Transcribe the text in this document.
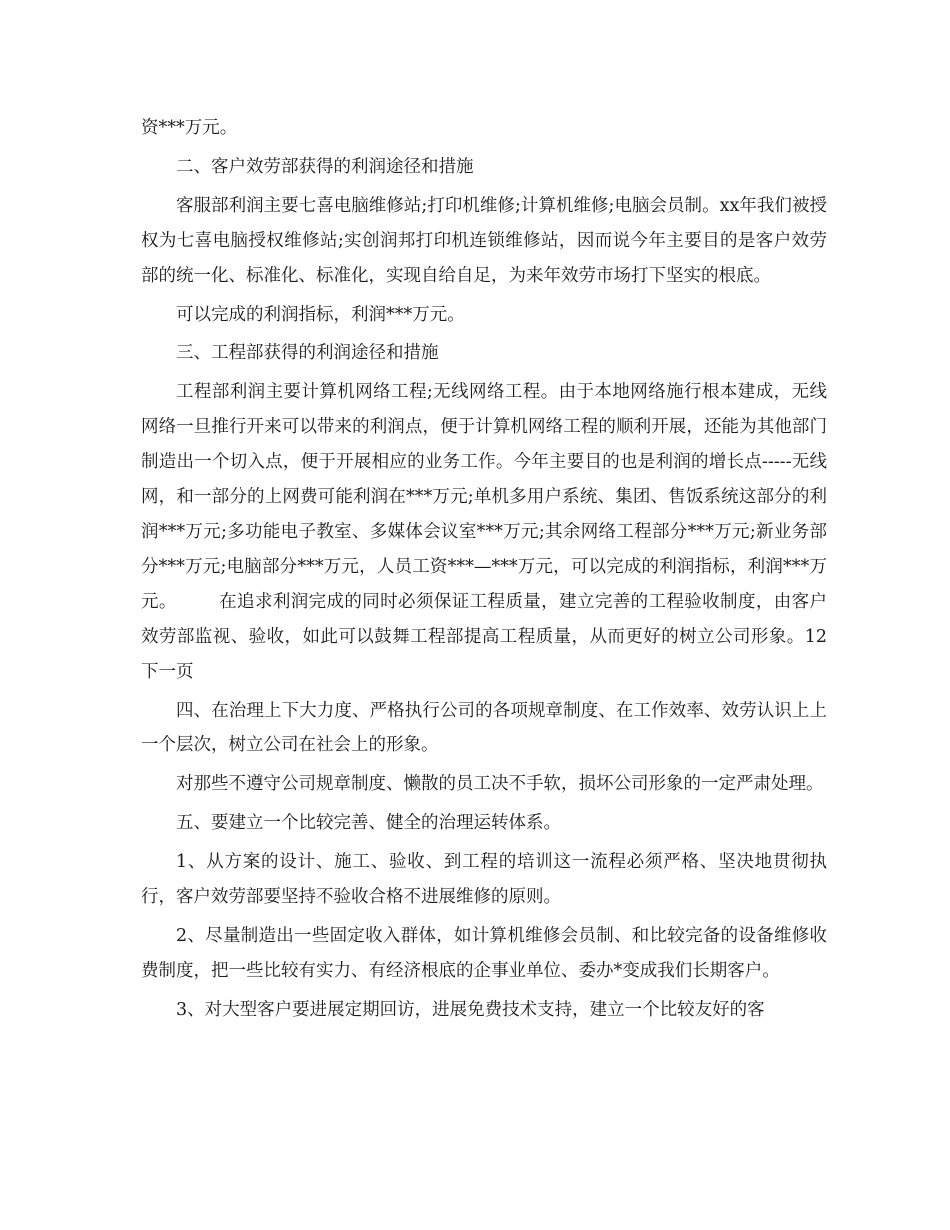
资***万元。

二、客户效劳部获得的利润途径和措施

客服部利润主要七喜电脑维修站;打印机维修;计算机维修;电脑会员制。xx年我们被授权为七喜电脑授权维修站;实创润邦打印机连锁维修站，因而说今年主要目的是客户效劳部的统一化、标准化、标准化，实现自给自足，为来年效劳市场打下坚实的根底。

可以完成的利润指标，利润***万元。

三、工程部获得的利润途径和措施

工程部利润主要计算机网络工程;无线网络工程。由于本地网络施行根本建成，无线网络一旦推行开来可以带来的利润点，便于计算机网络工程的顺利开展，还能为其他部门制造出一个切入点，便于开展相应的业务工作。今年主要目的也是利润的增长点-----无线网，和一部分的上网费可能利润在***万元;单机多用户系统、集团、售饭系统这部分的利润***万元;多功能电子教室、多媒体会议室***万元;其余网络工程部分***万元;新业务部分***万元;电脑部分***万元，人员工资***—***万元，可以完成的利润指标，利润***万元。 在追求利润完成的同时必须保证工程质量，建立完善的工程验收制度，由客户效劳部监视、验收，如此可以鼓舞工程部提高工程质量，从而更好的树立公司形象。12下一页

四、在治理上下大力度、严格执行公司的各项规章制度、在工作效率、效劳认识上上一个层次，树立公司在社会上的形象。

对那些不遵守公司规章制度、懒散的员工决不手软，损坏公司形象的一定严肃处理。

五、要建立一个比较完善、健全的治理运转体系。

1、从方案的设计、施工、验收、到工程的培训这一流程必须严格、坚决地贯彻执行，客户效劳部要坚持不验收合格不进展维修的原则。

2、尽量制造出一些固定收入群体，如计算机维修会员制、和比较完备的设备维修收费制度，把一些比较有实力、有经济根底的企事业单位、委办*变成我们长期客户。

3、对大型客户要进展定期回访，进展免费技术支持，建立一个比较友好的客
